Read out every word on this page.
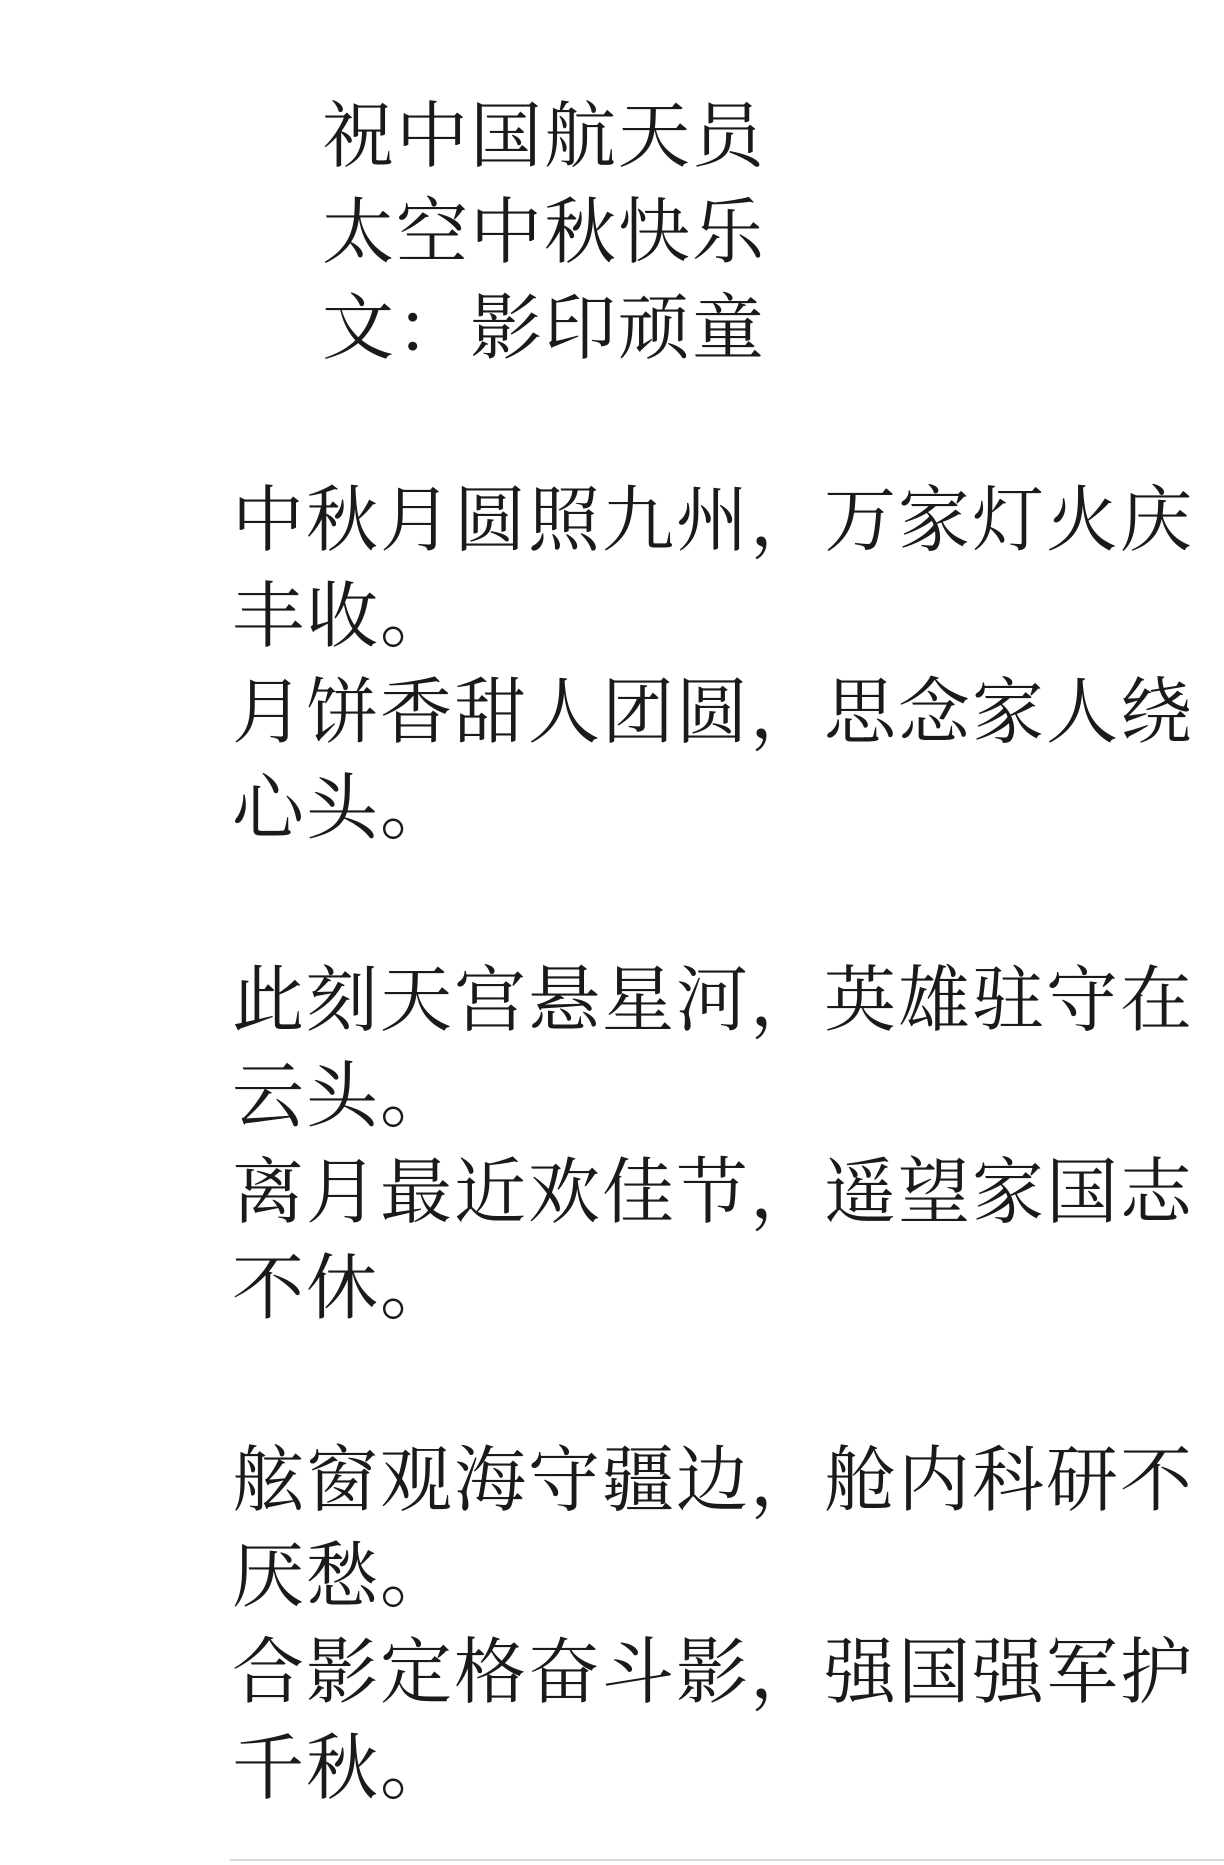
祝中国航天员
太空中秋快乐
文：影印顽童
中秋月圆照九州，万家灯火庆
丰收。
月饼香甜人团圆，思念家人绕
心头。
此刻天宫悬星河，英雄驻守在
云头。
离月最近欢佳节，遥望家国志
不休。
舷窗观海守疆边，舱内科研不
厌愁。
合影定格奋斗影，强国强军护
千秋。
